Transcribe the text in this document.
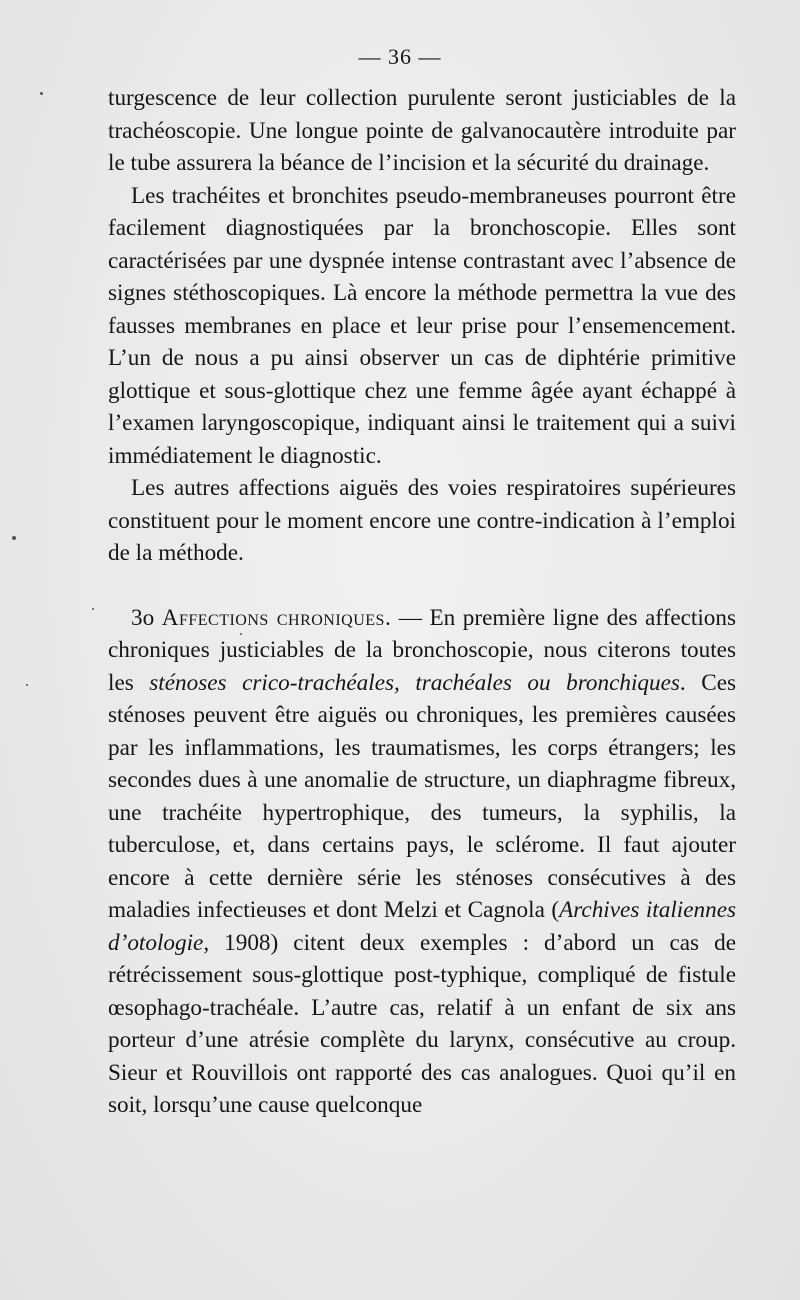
— 36 —

turgescence de leur collection purulente seront justiciables de la trachéoscopie. Une longue pointe de galvanocautère introduite par le tube assurera la béance de l’incision et la sécurité du drainage.

Les trachéites et bronchites pseudo-membraneuses pourront être facilement diagnostiquées par la bronchoscopie. Elles sont caractérisées par une dyspnée intense contrastant avec l’absence de signes stéthoscopiques. Là encore la méthode permettra la vue des fausses membranes en place et leur prise pour l’ensemencement. L’un de nous a pu ainsi observer un cas de diphtérie primitive glottique et sous-glottique chez une femme âgée ayant échappé à l’examen laryngoscopique, indiquant ainsi le traitement qui a suivi immédiatement le diagnostic.

Les autres affections aiguës des voies respiratoires supérieures constituent pour le moment encore une contre-indication à l’emploi de la méthode.

3o Affections chroniques. — En première ligne des affections chroniques justiciables de la bronchoscopie, nous citerons toutes les sténoses crico-trachéales, trachéales ou bronchiques. Ces sténoses peuvent être aiguës ou chroniques, les premières causées par les inflammations, les traumatismes, les corps étrangers; les secondes dues à une anomalie de structure, un diaphragme fibreux, une trachéite hypertrophique, des tumeurs, la syphilis, la tuberculose, et, dans certains pays, le sclérome. Il faut ajouter encore à cette dernière série les sténoses consécutives à des maladies infectieuses et dont Melzi et Cagnola (Archives italiennes d’otologie, 1908) citent deux exemples : d’abord un cas de rétrécissement sous-glottique post-typhique, compliqué de fistule œsophago-trachéale. L’autre cas, relatif à un enfant de six ans porteur d’une atrésie complète du larynx, consécutive au croup. Sieur et Rouvillois ont rapporté des cas analogues. Quoi qu’il en soit, lorsqu’une cause quelconque
